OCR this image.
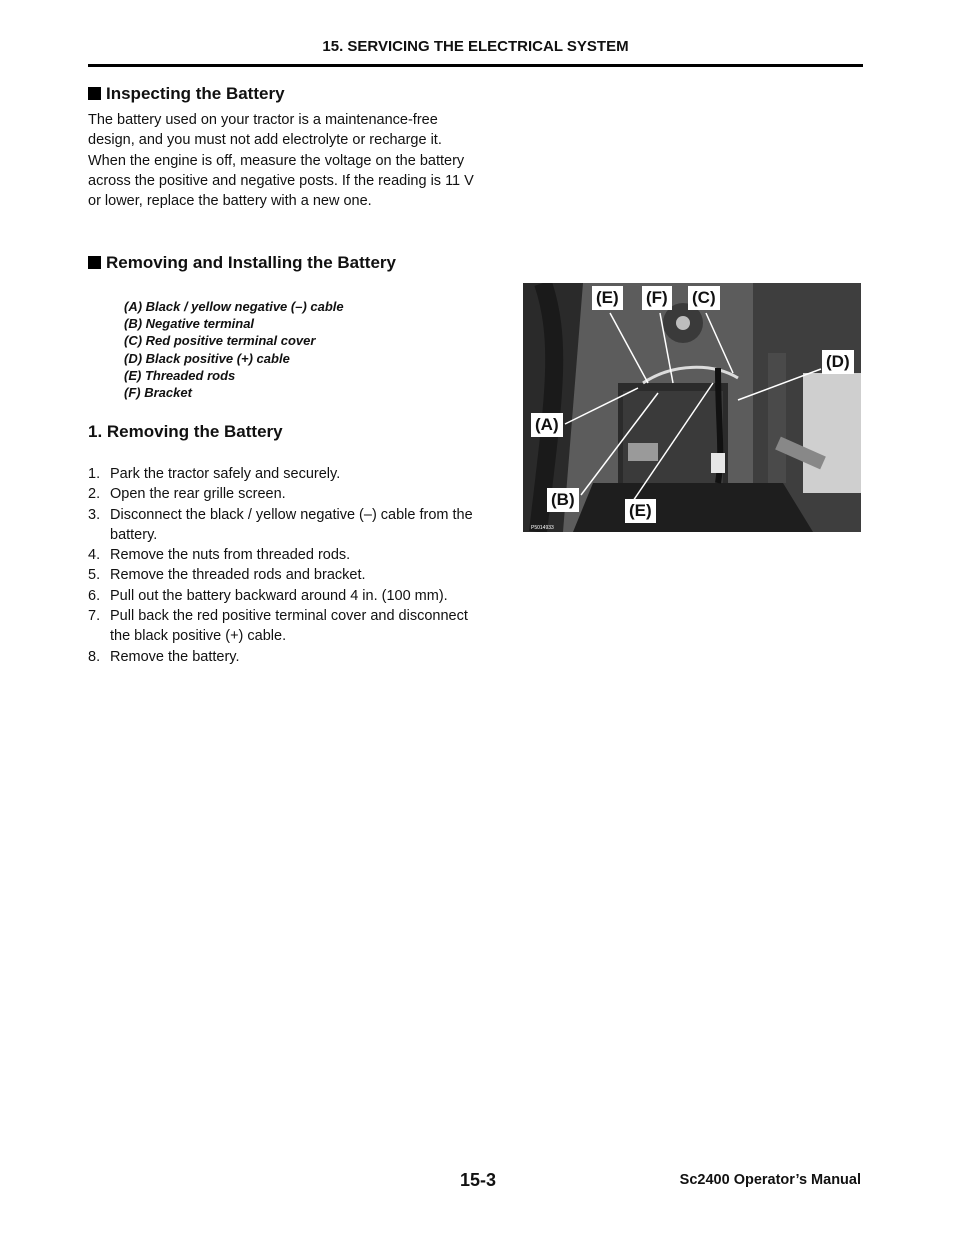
15. SERVICING THE ELECTRICAL SYSTEM
Inspecting the Battery
The battery used on your tractor is a maintenance-free design, and you must not add electrolyte or recharge it. When the engine is off, measure the voltage on the battery across the positive and negative posts. If the reading is 11 V or lower, replace the battery with a new one.
Removing and Installing the Battery
(A) Black / yellow negative (–) cable
(B) Negative terminal
(C) Red positive terminal cover
(D) Black positive (+) cable
(E) Threaded rods
(F) Bracket
1. Removing the Battery
1. Park the tractor safely and securely.
2. Open the rear grille screen.
3. Disconnect the black / yellow negative (–) cable from the battery.
4. Remove the nuts from threaded rods.
5. Remove the threaded rods and bracket.
6. Pull out the battery backward around 4 in. (100 mm).
7. Pull back the red positive terminal cover and disconnect the black positive (+) cable.
8. Remove the battery.
(E) (F) (C)
(D)
(A)
(B)
(E)
P5014933
15-3	Sc2400 Operator’s Manual
